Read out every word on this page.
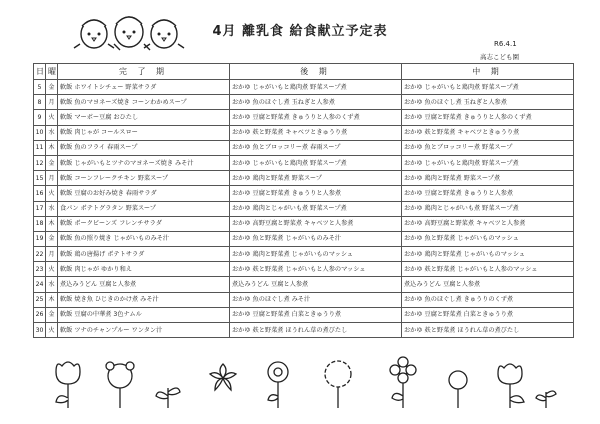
4月 離乳食 給食献立予定表
R6.4.1
高志こども園
日	曜	完 了 期	後 期	中 期
5	金	軟飯 ホワイトシチュー 野菜サラダ	おかゆ じゃがいもと鶏肉煮 野菜スープ煮	おかゆ じゃがいもと鶏肉煮 野菜スープ煮
8	月	軟飯 魚のマヨネーズ焼き コーンわかめスープ	おかゆ 魚のほぐし煮 玉ねぎと人参煮	おかゆ 魚のほぐし煮 玉ねぎと人参煮
9	火	軟飯 マーボー豆腐 おひたし	おかゆ 豆腐と野菜煮 きゅうりと人参のくず煮	おかゆ 豆腐と野菜煮 きゅうりと人参のくず煮
10	水	軟飯 肉じゃが コールスロー	おかゆ 麸と野菜煮 キャベツときゅうり煮	おかゆ 麸と野菜煮 キャベツときゅうり煮
11	木	軟飯 魚のフライ 春雨スープ	おかゆ 魚とブロッコリー煮 春雨スープ	おかゆ 魚とブロッコリー煮 野菜スープ
12	金	軟飯 じゃがいもとツナのマヨネーズ焼き みそ汁	おかゆ じゃがいもと鶏肉煮 野菜スープ煮	おかゆ じゃがいもと鶏肉煮 野菜スープ煮
15	月	軟飯 コーンフレークチキン 野菜スープ	おかゆ 鶏肉と野菜煮 野菜スープ	おかゆ 鶏肉と野菜煮 野菜スープ煮
16	火	軟飯 豆腐のお好み焼き 春雨サラダ	おかゆ 豆腐と野菜煮 きゅうりと人参煮	おかゆ 豆腐と野菜煮 きゅうりと人参煮
17	水	食パン ポテトグラタン 野菜スープ	おかゆ 鶏肉とじゃがいも煮 野菜スープ煮	おかゆ 鶏肉とじゃがいも煮 野菜スープ煮
18	木	軟飯 ポークビーンズ フレンチサラダ	おかゆ 高野豆腐と野菜煮 キャベツと人参煮	おかゆ 高野豆腐と野菜煮 キャベツと人参煮
19	金	軟飯 魚の照り焼き じゃがいものみそ汁	おかゆ 魚と野菜煮 じゃがいものみそ汁	おかゆ 魚と野菜煮 じゃがいものマッシュ
22	月	軟飯 鶏の唐揚げ ポテトサラダ	おかゆ 鶏肉と野菜煮 じゃがいものマッシュ	おかゆ 鶏肉と野菜煮 じゃがいものマッシュ
23	火	軟飯 肉じゃが ゆかり和え	おかゆ 麸と野菜煮 じゃがいもと人参のマッシュ	おかゆ 麸と野菜煮 じゃがいもと人参のマッシュ
24	水	煮込みうどん 豆腐と人参煮	煮込みうどん 豆腐と人参煮	煮込みうどん 豆腐と人参煮
25	木	軟飯 焼き魚 ひじきのかけ煮 みそ汁	おかゆ 魚のほぐし煮 みそ汁	おかゆ 魚のほぐし煮 きゅうりのくず煮
26	金	軟飯 豆腐の中華煮 3色ナムル	おかゆ 豆腐と野菜煮 白菜ときゅうり煮	おかゆ 豆腐と野菜煮 白菜ときゅうり煮
30	火	軟飯 ツナのチャンプルー ワンタン汁	おかゆ 麸と野菜煮 ほうれん草の煮びたし	おかゆ 麸と野菜煮 ほうれん草の煮びたし
